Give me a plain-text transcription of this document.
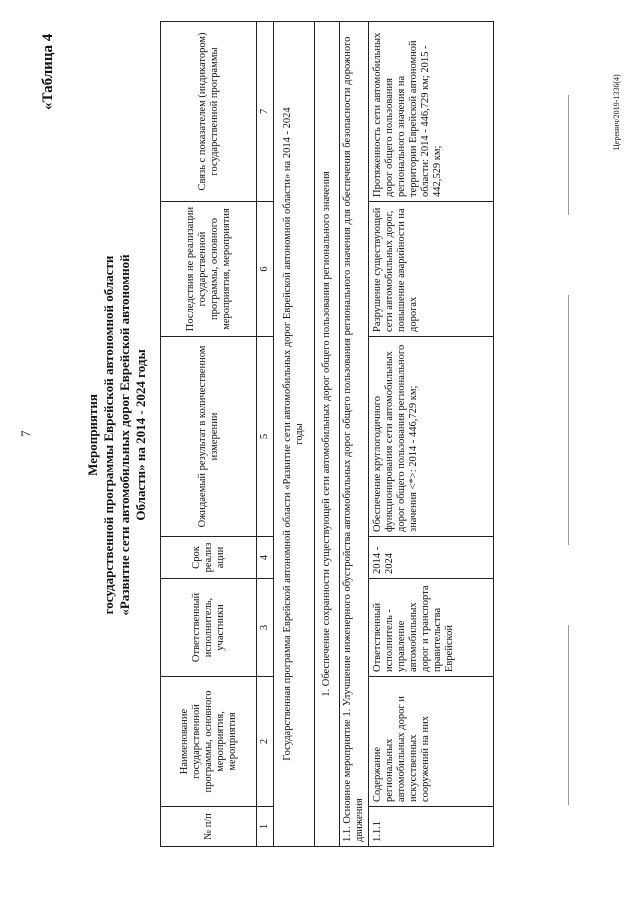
7
«Таблица 4
Мероприятия государственной программы Еврейской автономной области «Развитие сети автомобильных дорог Еврейской автономной Области» на 2014 - 2024 годы
№ п/п	Наименование государственной программы, основного мероприятия, мероприятия	Ответственный исполнитель, участники	Срок реализ ации	Ожидаемый результат в количественном измерении	Последствия не реализации государственной программы, основного мероприятия, мероприятия	Связь с показателем (индикатором) государственной программы
1	2	3	4	5	6	7
Государственная программа Еврейской автономной области «Развитие сети автомобильных дорог Еврейской автономной области» на 2014 - 2024 годы						
1. Обеспечение сохранности существующей сети автомобильных дорог общего пользования регионального значения						
1.1. Основное мероприятие 1. Улучшение инженерного обустройства автомобильных дорог общего пользования регионального значения для обеспечения безопасности дорожного движения						

1.1.1	Содержание региональных автомобильных дорог и искусственных сооружений на них	Ответственный исполнитель - управление автомобильных дорог и транспорта правительства Еврейской	2014 - 2024	Обеспечение круглогодичного функционирования сети автомобильных дорог общего пользования регионального значения <*>: 2014 - 446,729 км;	Разрушение существующей сети автомобильных дорог, повышение аварийности на дорогах	Протяженность сети автомобильных дорог общего пользования регионального значения на территории Еврейской автономной области: 2014 - 446,729 км; 2015 - 442,529 км;
Церенич/2019-1336(4)
